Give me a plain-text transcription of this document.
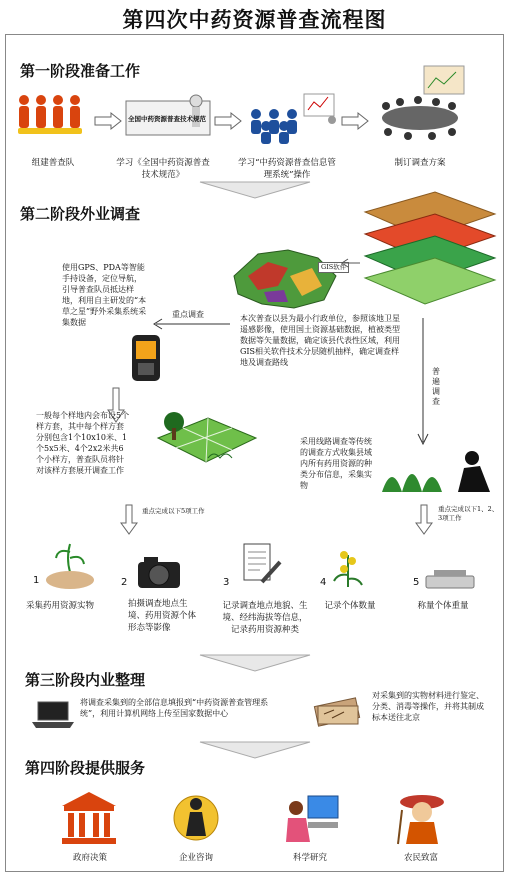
第四次中药资源普查流程图
第一阶段准备工作
组建普查队
全国中药资源普查技术规范
学习《全国中药资源普查技术规范》
学习“中药资源普查信息管理系统”操作
制订调查方案
第二阶段外业调查
GIS软件
使用GPS、PDA等智能手持设备，定位导航，引导普查队员抵达样地，利用自主研发的“本草之星”野外采集系统采集数据
重点调查	本次普查以县为最小行政单位，参照该地卫星遥感影像，使用国土资源基础数据，植被类型数据等矢量数据，确定该县代表性区域，利用GIS相关软件技术分层随机抽样，确定调查样地及调查路线
普遍调查
一般每个样地内会布设5个样方套，其中每个样方套分别包含1个10x10米、1个5x5米、4个2x2米共6个小样方，普查队员将针对该样方套展开调查工作
采用线路调查等传统的调查方式收集县域内所有药用资源的种类分布信息，采集实物
重点完成以下5项工作	重点完成以下1、2、3项工作
1	2	3	4	5
采集药用资源实物	拍摄调查地点生境、药用资源个体形态等影像
记录调查地点地貌、生境、经纬海拔等信息，记录药用资源种类
记录个体数量	称量个体重量
第三阶段内业整理
将调查采集到的全部信息填报到“中药资源普查管理系统”，利用计算机网络上传至国家数据中心
对采集到的实物材料进行鉴定、分类、消毒等操作，并将其制成标本送往北京
第四阶段提供服务
政府决策	企业咨询	科学研究	农民致富
